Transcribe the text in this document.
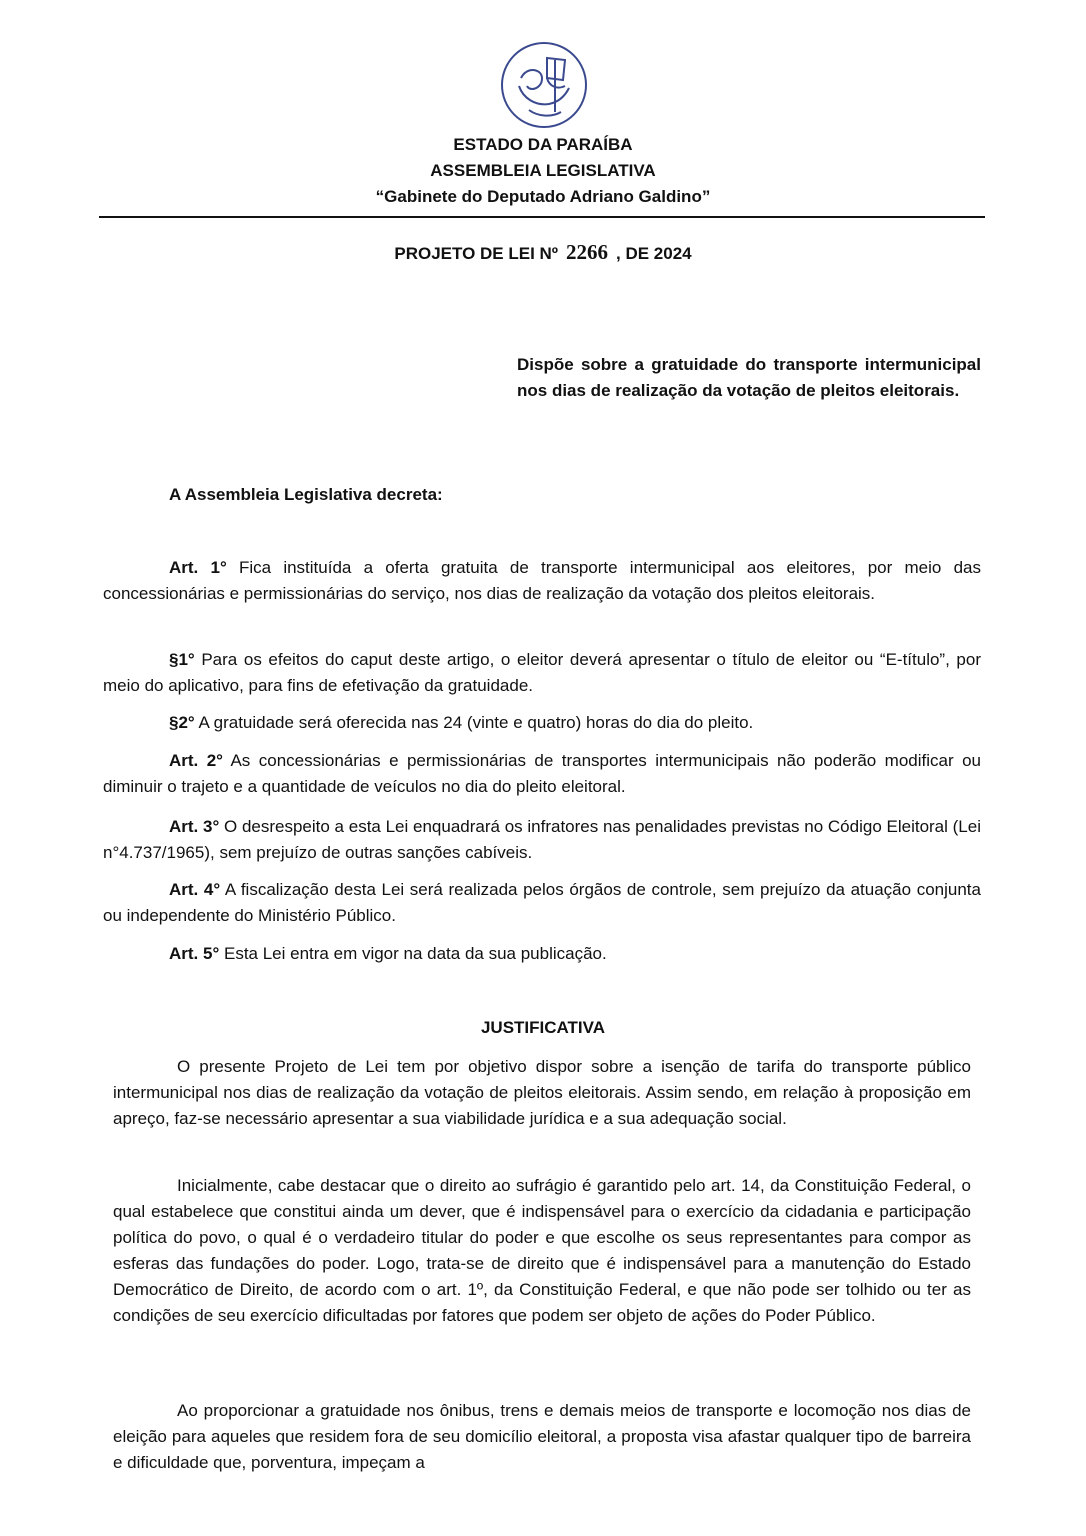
ESTADO DA PARAÍBA
ASSEMBLEIA LEGISLATIVA
“Gabinete do Deputado Adriano Galdino”
PROJETO DE LEI Nº 2266 , DE 2024
Dispõe sobre a gratuidade do transporte intermunicipal nos dias de realização da votação de pleitos eleitorais.
A Assembleia Legislativa decreta:
Art. 1° Fica instituída a oferta gratuita de transporte intermunicipal aos eleitores, por meio das concessionárias e permissionárias do serviço, nos dias de realização da votação dos pleitos eleitorais.
§1° Para os efeitos do caput deste artigo, o eleitor deverá apresentar o título de eleitor ou “E-título”, por meio do aplicativo, para fins de efetivação da gratuidade.
§2° A gratuidade será oferecida nas 24 (vinte e quatro) horas do dia do pleito.
Art. 2° As concessionárias e permissionárias de transportes intermunicipais não poderão modificar ou diminuir o trajeto e a quantidade de veículos no dia do pleito eleitoral.
Art. 3° O desrespeito a esta Lei enquadrará os infratores nas penalidades previstas no Código Eleitoral (Lei n°4.737/1965), sem prejuízo de outras sanções cabíveis.
Art. 4° A fiscalização desta Lei será realizada pelos órgãos de controle, sem prejuízo da atuação conjunta ou independente do Ministério Público.
Art. 5° Esta Lei entra em vigor na data da sua publicação.
JUSTIFICATIVA
O presente Projeto de Lei tem por objetivo dispor sobre a isenção de tarifa do transporte público intermunicipal nos dias de realização da votação de pleitos eleitorais. Assim sendo, em relação à proposição em apreço, faz-se necessário apresentar a sua viabilidade jurídica e a sua adequação social.
Inicialmente, cabe destacar que o direito ao sufrágio é garantido pelo art. 14, da Constituição Federal, o qual estabelece que constitui ainda um dever, que é indispensável para o exercício da cidadania e participação política do povo, o qual é o verdadeiro titular do poder e que escolhe os seus representantes para compor as esferas das fundações do poder. Logo, trata-se de direito que é indispensável para a manutenção do Estado Democrático de Direito, de acordo com o art. 1º, da Constituição Federal, e que não pode ser tolhido ou ter as condições de seu exercício dificultadas por fatores que podem ser objeto de ações do Poder Público.
Ao proporcionar a gratuidade nos ônibus, trens e demais meios de transporte e locomoção nos dias de eleição para aqueles que residem fora de seu domicílio eleitoral, a proposta visa afastar qualquer tipo de barreira e dificuldade que, porventura, impeçam a
